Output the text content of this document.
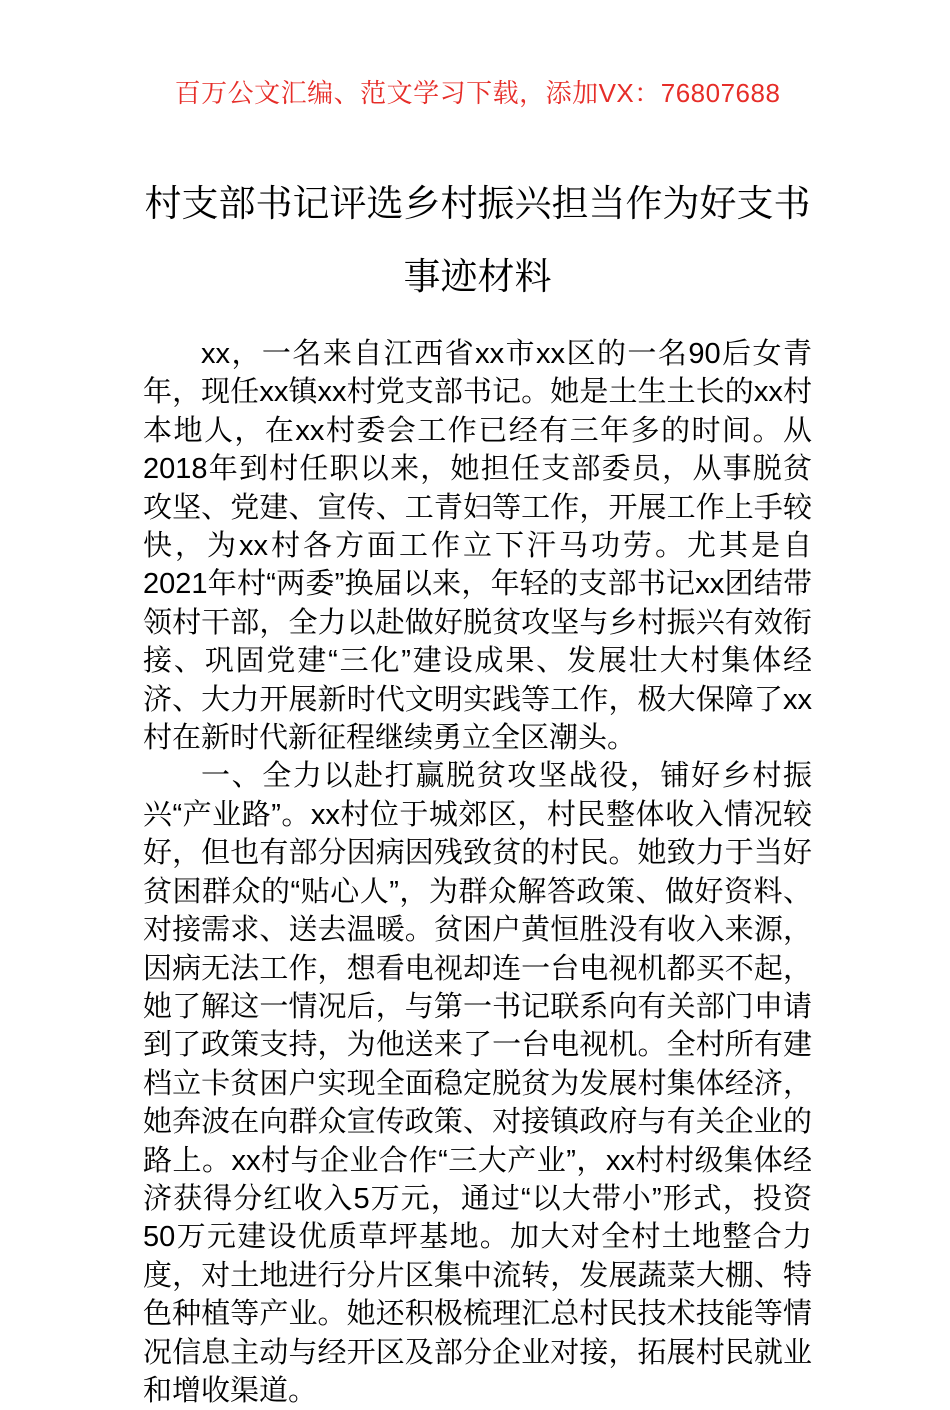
百万公文汇编、范文学习下载，添加VX：76807688
村支部书记评选乡村振兴担当作为好支书
事迹材料

xx，一名来自江西省xx市xx区的一名90后女青年，现任xx镇xx村党支部书记。她是土生土长的xx村本地人，在xx村委会工作已经有三年多的时间。从2018年到村任职以来，她担任支部委员，从事脱贫攻坚、党建、宣传、工青妇等工作，开展工作上手较快，为xx村各方面工作立下汗马功劳。尤其是自2021年村“两委”换届以来，年轻的支部书记xx团结带领村干部，全力以赴做好脱贫攻坚与乡村振兴有效衔接、巩固党建“三化”建设成果、发展壮大村集体经济、大力开展新时代文明实践等工作，极大保障了xx村在新时代新征程继续勇立全区潮头。

一、全力以赴打赢脱贫攻坚战役，铺好乡村振兴“产业路”。xx村位于城郊区，村民整体收入情况较好，但也有部分因病因残致贫的村民。她致力于当好贫困群众的“贴心人”，为群众解答政策、做好资料、对接需求、送去温暖。贫困户黄恒胜没有收入来源，因病无法工作，想看电视却连一台电视机都买不起，她了解这一情况后，与第一书记联系向有关部门申请到了政策支持，为他送来了一台电视机。全村所有建档立卡贫困户实现全面稳定脱贫为发展村集体经济，她奔波在向群众宣传政策、对接镇政府与有关企业的路上。xx村与企业合作“三大产业”，xx村村级集体经济获得分红收入5万元，通过“以大带小”形式，投资50万元建设优质草坪基地。加大对全村土地整合力度，对土地进行分片区集中流转，发展蔬菜大棚、特色种植等产业。她还积极梳理汇总村民技术技能等情况信息主动与经开区及部分企业对接，拓展村民就业和增收渠道。
